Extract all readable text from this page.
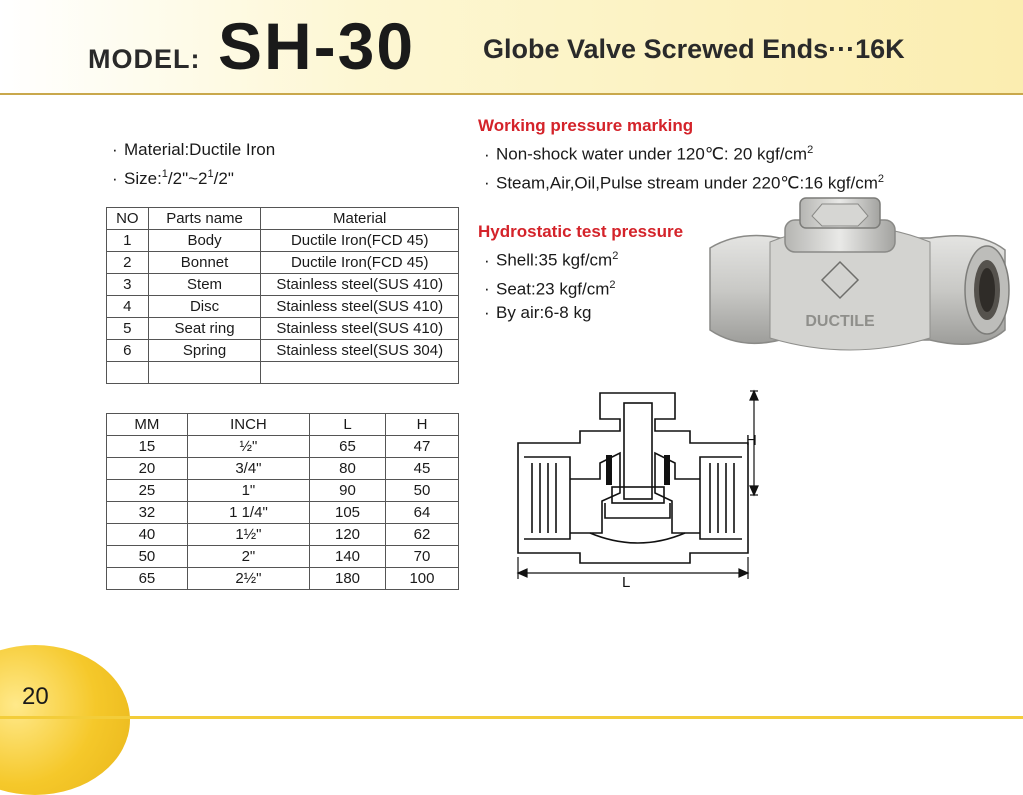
MODEL: SH-30	Globe Valve Screwed Ends···16K
· Material:Ductile Iron
· $Size:^1/2"\sim 2^1/2$"
NO	Parts name	Material
1	Body	Ductile Iron(FCD 45)
2	Bonnet	Ductile Iron(FCD 45)
3	Stem	Stainless steel(SUS 410)
4	Disc	Stainless steel(SUS 410)
5	Seat ring	Stainless steel(SUS 410)
6	Spring	Stainless steel(SUS 304)

MM	INCH	L	H
15	½"	65	47
20	3/4"	80	45
25	1"	90	50
32	1 1/4"	105	64
40	1½"	120	62
50	2"	140	70
65	2½"	180	100
Working pressure marking
· Non-shock water under 120℃: 20 kgf/$cm^2$
· Steam,Air,Oil,Pulse stream under 220℃:16 kgf/$cm^2$
Hydrostatic test pressure
· Shell:35 kgf/$cm^2$
· Seat:23 kgf/$cm^2$
· By air:6-8 kg	DUCTILE
H
L
20
